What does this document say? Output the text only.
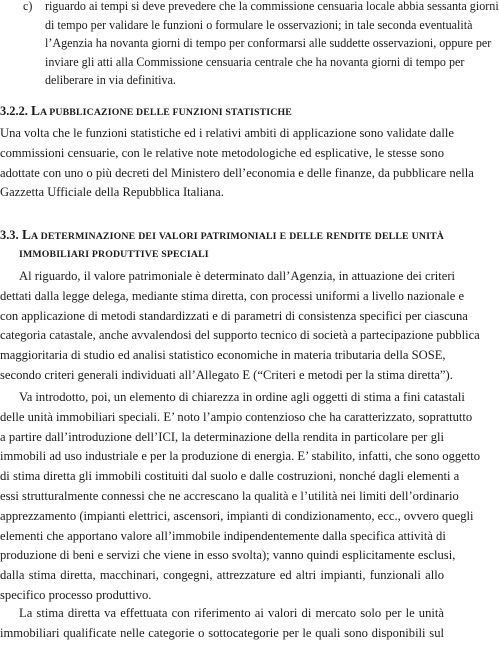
c) riguardo ai tempi si deve prevedere che la commissione censuaria locale abbia sessanta giorni
di tempo per validare le funzioni o formulare le osservazioni; in tale seconda eventualità
l’Agenzia ha novanta giorni di tempo per conformarsi alle suddette osservazioni, oppure per
inviare gli atti alla Commissione censuaria centrale che ha novanta giorni di tempo per
deliberare in via definitiva.

3.2.2. LA PUBBLICAZIONE DELLE FUNZIONI STATISTICHE

Una volta che le funzioni statistiche ed i relativi ambiti di applicazione sono validate dalle
commissioni censuarie, con le relative note metodologiche ed esplicative, le stesse sono
adottate con uno o più decreti del Ministero dell’economia e delle finanze, da pubblicare nella
Gazzetta Ufficiale della Repubblica Italiana.

3.3. LA DETERMINAZIONE DEI VALORI PATRIMONIALI E DELLE RENDITE DELLE UNITÀ
IMMOBILIARI PRODUTTIVE SPECIALI

Al riguardo, il valore patrimoniale è determinato dall’Agenzia, in attuazione dei criteri
dettati dalla legge delega, mediante stima diretta, con processi uniformi a livello nazionale e
con applicazione di metodi standardizzati e di parametri di consistenza specifici per ciascuna
categoria catastale, anche avvalendosi del supporto tecnico di società a partecipazione pubblica
maggioritaria di studio ed analisi statistico economiche in materia tributaria della SOSE,
secondo criteri generali individuati all’Allegato E (“Criteri e metodi per la stima diretta”).

Va introdotto, poi, un elemento di chiarezza in ordine agli oggetti di stima a fini catastali
delle unità immobiliari speciali. E’ noto l’ampio contenzioso che ha caratterizzato, soprattutto
a partire dall’introduzione dell’ICI, la determinazione della rendita in particolare per gli
immobili ad uso industriale e per la produzione di energia. E’ stabilito, infatti, che sono oggetto
di stima diretta gli immobili costituiti dal suolo e dalle costruzioni, nonché dagli elementi a
essi strutturalmente connessi che ne accrescano la qualità e l’utilità nei limiti dell’ordinario
apprezzamento (impianti elettrici, ascensori, impianti di condizionamento, ecc., ovvero quegli
elementi che apportano valore all’immobile indipendentemente dalla specifica attività di
produzione di beni e servizi che viene in esso svolta); vanno quindi esplicitamente esclusi,
dalla stima diretta, macchinari, congegni, attrezzature ed altri impianti, funzionali allo
specifico processo produttivo.

La stima diretta va effettuata con riferimento ai valori di mercato solo per le unità
immobiliari qualificate nelle categorie o sottocategorie per le quali sono disponibili sul
